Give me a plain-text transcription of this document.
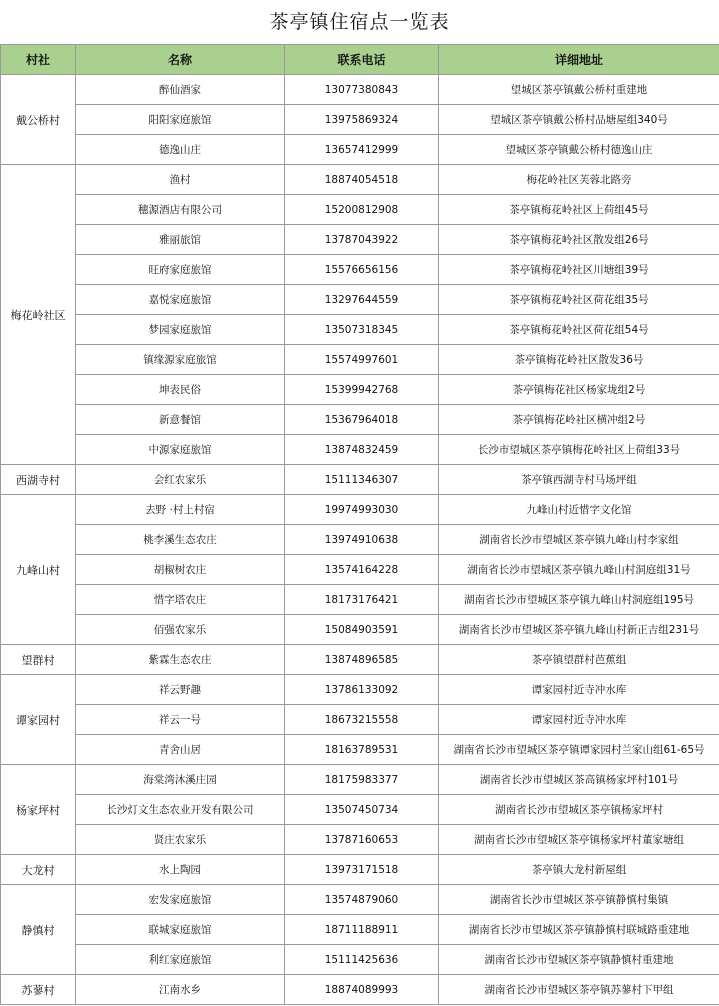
茶亭镇住宿点一览表
村社	名称	联系电话	详细地址
戴公桥村	醉仙酒家	13077380843	望城区茶亭镇戴公桥村重建地
	阳阳家庭旅馆	13975869324	望城区茶亭镇戴公桥村品塘屋组340号
	德逸山庄	13657412999	望城区茶亭镇戴公桥村德逸山庄
梅花岭社区	渔村	18874054518	梅花岭社区芙蓉北路旁
	穗源酒店有限公司	15200812908	茶亭镇梅花岭社区上荷组45号
	雅丽旅馆	13787043922	茶亭镇梅花岭社区散发组26号
	旺府家庭旅馆	15576656156	茶亭镇梅花岭社区川塘组39号
	嘉悦家庭旅馆	13297644559	茶亭镇梅花岭社区荷花组35号
	梦园家庭旅馆	13507318345	茶亭镇梅花岭社区荷花组54号
	镇缘源家庭旅馆	15574997601	茶亭镇梅花岭社区散发36号
	坤表民俗	15399942768	茶亭镇梅花社区杨家垅组2号
	新意餐馆	15367964018	茶亭镇梅花岭社区横冲组2号
	中源家庭旅馆	13874832459	长沙市望城区茶亭镇梅花岭社区上荷组33号
西湖寺村	会红农家乐	15111346307	茶亭镇西湖寺村马场坪组
九峰山村	去野 ·村上村宿	19974993030	九峰山村近惜字文化馆
	桃李溪生态农庄	13974910638	湖南省长沙市望城区茶亭镇九峰山村李家组
	胡椒树农庄	13574164228	湖南省长沙市望城区茶亭镇九峰山村洞庭组31号
	惜字塔农庄	18173176421	湖南省长沙市望城区茶亭镇九峰山村洞庭组195号
	佰强农家乐	15084903591	湖南省长沙市望城区茶亭镇九峰山村新正吉组231号
望群村	紫霖生态农庄	13874896585	茶亭镇望群村芭蕉组
谭家园村	祥云野趣	13786133092	谭家园村近寺冲水库
	祥云一号	18673215558	谭家园村近寺冲水库
	青舍山居	18163789531	湖南省长沙市望城区茶亭镇谭家园村兰家山组61-65号
杨家坪村	海棠湾沐溪庄园	18175983377	湖南省长沙市望城区茶高镇杨家坪村101号
	长沙灯文生态农业开发有限公司	13507450734	湖南省长沙市望城区茶亭镇杨家坪村
	贤庄农家乐	13787160653	湖南省长沙市望城区茶亭镇杨家坪村董家塘组
大龙村	水上陶园	13973171518	茶亭镇大龙村新屋组
静慎村	宏发家庭旅馆	13574879060	湖南省长沙市望城区茶亭镇静慎村集镇
	联城家庭旅馆	18711188911	湖南省长沙市望城区茶亭镇静慎村联城路重建地
	利红家庭旅馆	15111425636	湖南省长沙市望城区茶亭镇静慎村重建地
苏蓼村	江南水乡	18874089993	湖南省长沙市望城区茶亭镇苏蓼村下甲组
